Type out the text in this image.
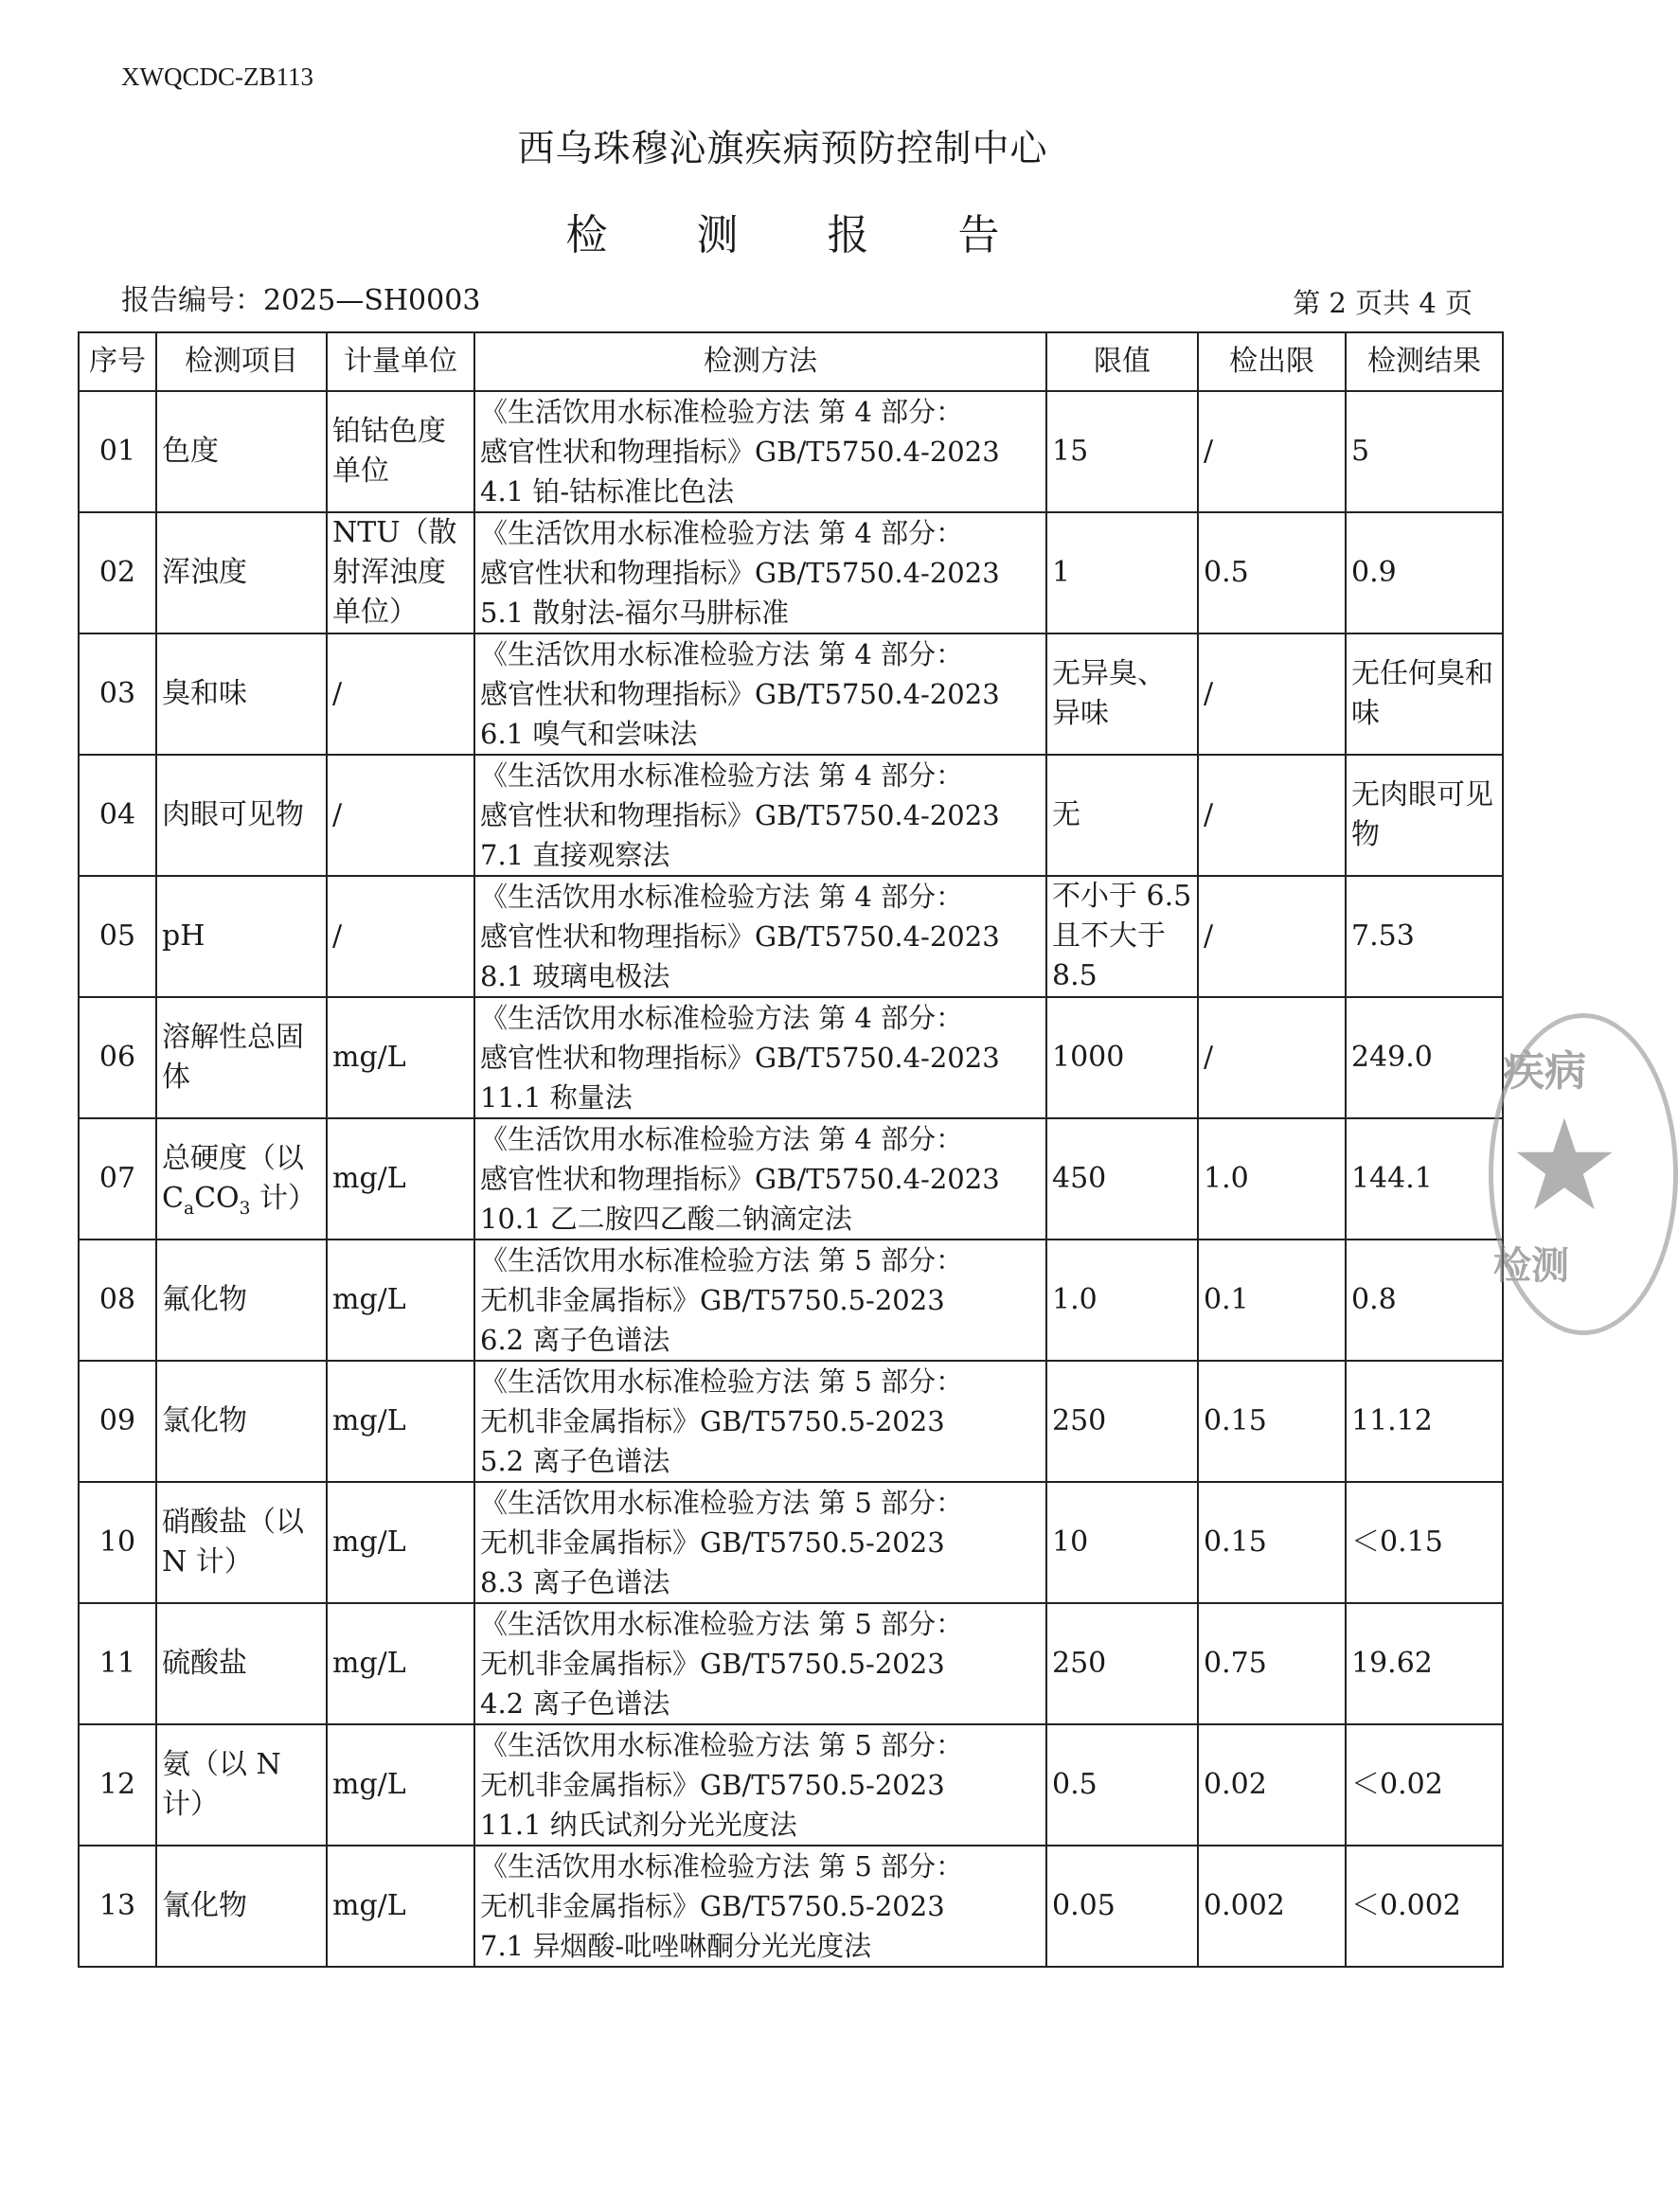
XWQCDC-ZB113
西乌珠穆沁旗疾病预防控制中心
检 测 报 告
报告编号：2025—SH0003	第 2 页共 4 页
序号	检测项目	计量单位	检测方法	限值	检出限	检测结果
01	色度	铂钴色度单位	《生活饮用水标准检验方法 第 4 部分：
感官性状和物理指标》GB/T5750.4-2023
4.1 铂-钴标准比色法	15	/	5
02	浑浊度	NTU（散射浑浊度单位）	《生活饮用水标准检验方法 第 4 部分：
感官性状和物理指标》GB/T5750.4-2023
5.1 散射法-福尔马肼标准	1	0.5	0.9
03	臭和味	/	《生活饮用水标准检验方法 第 4 部分：
感官性状和物理指标》GB/T5750.4-2023
6.1 嗅气和尝味法	无异臭、异味	/	无任何臭和味
04	肉眼可见物	/	《生活饮用水标准检验方法 第 4 部分：
感官性状和物理指标》GB/T5750.4-2023
7.1 直接观察法	无	/	无肉眼可见物
05	pH	/	《生活饮用水标准检验方法 第 4 部分：
感官性状和物理指标》GB/T5750.4-2023
8.1 玻璃电极法	不小于 6.5 且不大于 8.5	/	7.53
06	溶解性总固体	mg/L	《生活饮用水标准检验方法 第 4 部分：
感官性状和物理指标》GB/T5750.4-2023
11.1 称量法	1000	/	249.0
07	总硬度（以 $C_aCO_3$ 计）	mg/L	《生活饮用水标准检验方法 第 4 部分：
感官性状和物理指标》GB/T5750.4-2023
10.1 乙二胺四乙酸二钠滴定法	450	1.0	144.1
08	氟化物	mg/L	《生活饮用水标准检验方法 第 5 部分：
无机非金属指标》GB/T5750.5-2023
6.2 离子色谱法	1.0	0.1	0.8
09	氯化物	mg/L	《生活饮用水标准检验方法 第 5 部分：
无机非金属指标》GB/T5750.5-2023
5.2 离子色谱法	250	0.15	11.12
10	硝酸盐（以 N 计）	mg/L	《生活饮用水标准检验方法 第 5 部分：
无机非金属指标》GB/T5750.5-2023
8.3 离子色谱法	10	0.15	＜0.15
11	硫酸盐	mg/L	《生活饮用水标准检验方法 第 5 部分：
无机非金属指标》GB/T5750.5-2023
4.2 离子色谱法	250	0.75	19.62
12	氨（以 N 计）	mg/L	《生活饮用水标准检验方法 第 5 部分：
无机非金属指标》GB/T5750.5-2023
11.1 纳氏试剂分光光度法	0.5	0.02	＜0.02
13	氰化物	mg/L	《生活饮用水标准检验方法 第 5 部分：
无机非金属指标》GB/T5750.5-2023
7.1 异烟酸-吡唑啉酮分光光度法	0.05	0.002	＜0.002
疾病
检测
